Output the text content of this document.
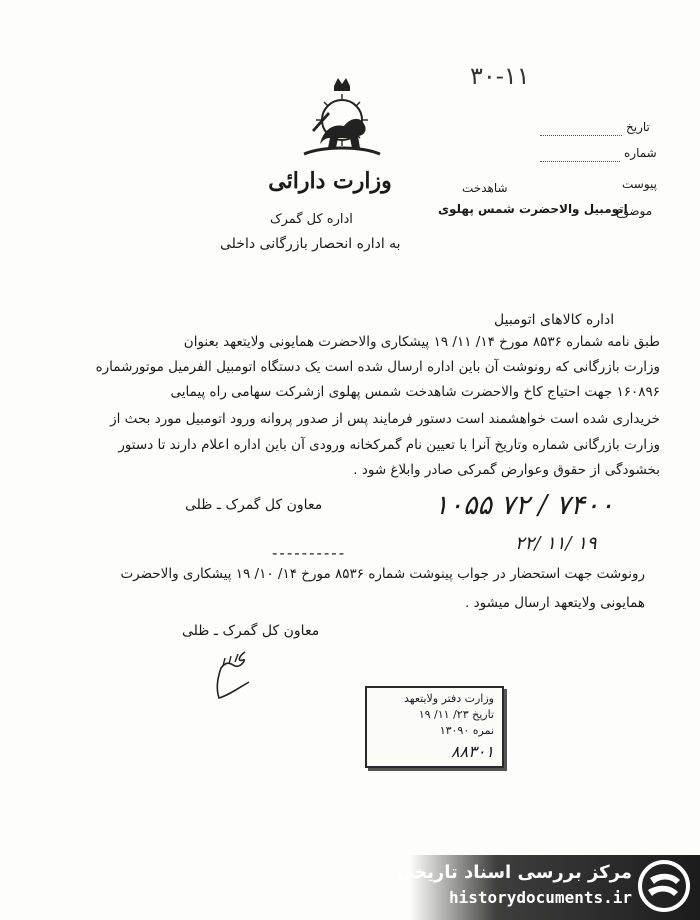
۳۰-۱۱
وزارت دارائی
اداره کل گمرک
تاریخ
شماره
پیوست
شاهدخت
موضوع
اتومبیل والاحضرت شمس پهلوی
به اداره انحصار بازرگانی داخلی
اداره کالاهای اتومبیل
طبق نامه شماره ۸۵۳۶ مورخ ۱۴/ ۱۱/ ۱۹ پیشکاری والاحضرت همایونی ولایتعهد بعنوان
وزارت بازرگانی که رونوشت آن باین اداره ارسال شده است یک دستگاه اتومبیل الفرمیل موتورشماره
۱۶۰۸۹۶ جهت احتیاج کاخ والاحضرت شاهدخت شمس پهلوی ازشرکت سهامی راه پیمایی
خریداری شده است خواهشمند است دستور فرمایند پس از صدور پروانه ورود اتومبیل مورد بحث از
وزارت بازرگانی شماره وتاریخ آنرا با تعیین نام گمرکخانه ورودی آن باین اداره اعلام دارند تا دستور
بخشودگی از حقوق وعوارض گمرکی صادر وابلاغ شود .
معاون کل گمرک ـ ظلی	۱۰۵۵ ۷۲ / ۷۴۰۰
۲۲/ ۱۱/ ۱۹
----------
رونوشت جهت استحضار در جواب پینوشت شماره ۸۵۳۶ مورخ ۱۴/ ۱۰/ ۱۹ پیشکاری والاحضرت
همایونی ولایتعهد ارسال میشود .
معاون کل گمرک ـ ظلی
وزارت دفتر ولایتعهد
تاریخ ۲۳/ ۱۱/ ۱۹
نمره ۱۳۰۹۰
۸۸۳۰۱
مرکز بررسی اسناد تاریخی
historydocuments.ir
